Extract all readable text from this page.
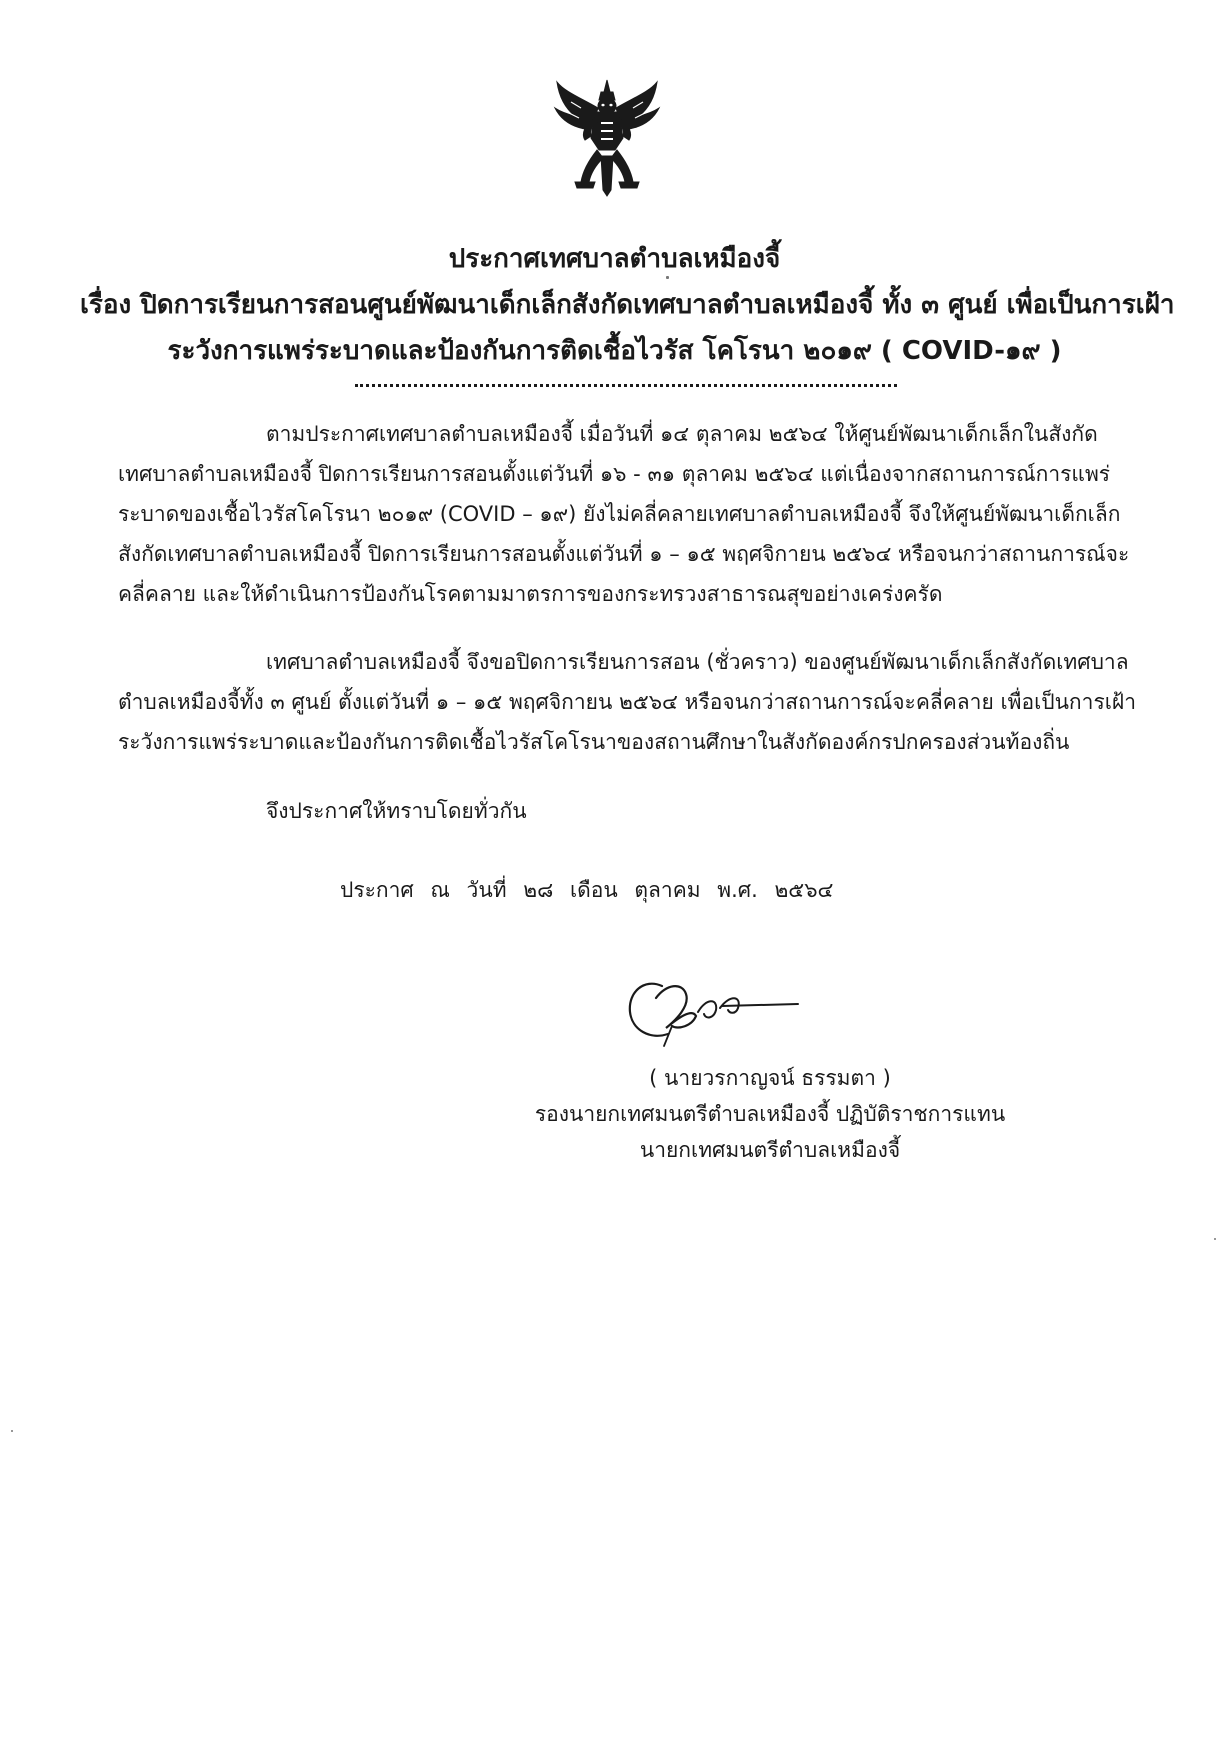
ประกาศเทศบาลตำบลเหมืองจี้
เรื่อง ปิดการเรียนการสอนศูนย์พัฒนาเด็กเล็กสังกัดเทศบาลตำบลเหมืองจี้ ทั้ง ๓ ศูนย์ เพื่อเป็นการเฝ้า
ระวังการแพร่ระบาดและป้องกันการติดเชื้อไวรัส โคโรนา ๒๐๑๙ ( COVID-๑๙ )
ตามประกาศเทศบาลตำบลเหมืองจี้ เมื่อวันที่ ๑๔ ตุลาคม ๒๕๖๔ ให้ศูนย์พัฒนาเด็กเล็กในสังกัด
เทศบาลตำบลเหมืองจี้ ปิดการเรียนการสอนตั้งแต่วันที่ ๑๖ - ๓๑ ตุลาคม ๒๕๖๔ แต่เนื่องจากสถานการณ์การแพร่
ระบาดของเชื้อไวรัสโคโรนา ๒๐๑๙ (COVID – ๑๙) ยังไม่คลี่คลายเทศบาลตำบลเหมืองจี้ จึงให้ศูนย์พัฒนาเด็กเล็ก
สังกัดเทศบาลตำบลเหมืองจี้ ปิดการเรียนการสอนตั้งแต่วันที่ ๑ – ๑๕ พฤศจิกายน ๒๕๖๔ หรือจนกว่าสถานการณ์จะ
คลี่คลาย และให้ดำเนินการป้องกันโรคตามมาตรการของกระทรวงสาธารณสุขอย่างเคร่งครัด
เทศบาลตำบลเหมืองจี้ จึงขอปิดการเรียนการสอน (ชั่วคราว) ของศูนย์พัฒนาเด็กเล็กสังกัดเทศบาล
ตำบลเหมืองจี้ทั้ง ๓ ศูนย์ ตั้งแต่วันที่ ๑ – ๑๕ พฤศจิกายน ๒๕๖๔ หรือจนกว่าสถานการณ์จะคลี่คลาย เพื่อเป็นการเฝ้า
ระวังการแพร่ระบาดและป้องกันการติดเชื้อไวรัสโคโรนาของสถานศึกษาในสังกัดองค์กรปกครองส่วนท้องถิ่น
จึงประกาศให้ทราบโดยทั่วกัน
ประกาศ ณ วันที่ ๒๘ เดือน ตุลาคม พ.ศ. ๒๕๖๔
( นายวรกาญจน์ ธรรมตา )
รองนายกเทศมนตรีตำบลเหมืองจี้ ปฏิบัติราชการแทน
นายกเทศมนตรีตำบลเหมืองจี้
